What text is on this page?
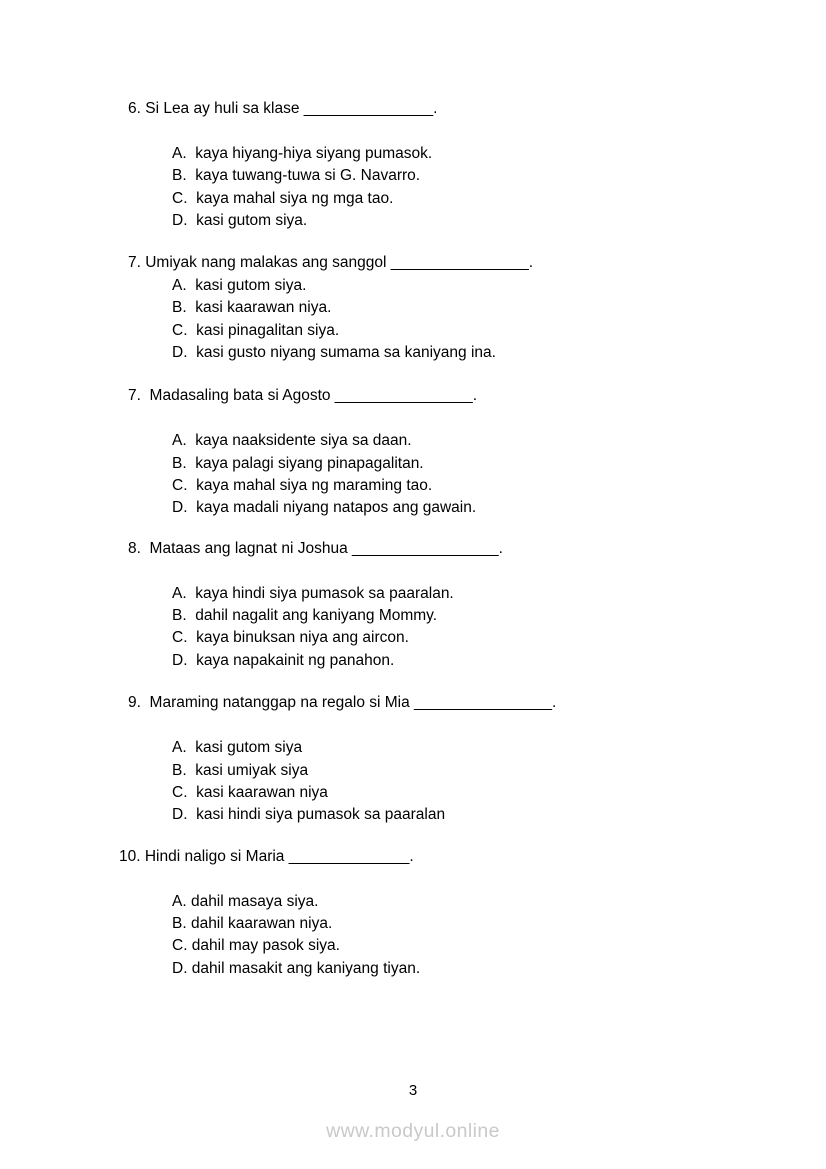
6. Si Lea ay huli sa klase _______________.
A.  kaya hiyang-hiya siyang pumasok.
B.  kaya tuwang-tuwa si G. Navarro.
C.  kaya mahal siya ng mga tao.
D.  kasi gutom siya.
7. Umiyak nang malakas ang sanggol ________________.
A.  kasi gutom siya.
B.  kasi kaarawan niya.
C.  kasi pinagalitan siya.
D.  kasi gusto niyang sumama sa kaniyang ina.
7.  Madasaling bata si Agosto ________________.
A.  kaya naaksidente siya sa daan.
B.  kaya palagi siyang pinapagalitan.
C.  kaya mahal siya ng maraming tao.
D.  kaya madali niyang natapos ang gawain.
8.  Mataas ang lagnat ni Joshua _________________.
A.  kaya hindi siya pumasok sa paaralan.
B.  dahil nagalit ang kaniyang Mommy.
C.  kaya binuksan niya ang aircon.
D.  kaya napakainit ng panahon.
9.  Maraming natanggap na regalo si Mia ________________.
A.  kasi gutom siya
B.  kasi umiyak siya
C.  kasi kaarawan niya
D.  kasi hindi siya pumasok sa paaralan
10. Hindi naligo si Maria ______________.
A. dahil masaya siya.
B. dahil kaarawan niya.
C. dahil may pasok siya.
D. dahil masakit ang kaniyang tiyan.
3
www.modyul.online
